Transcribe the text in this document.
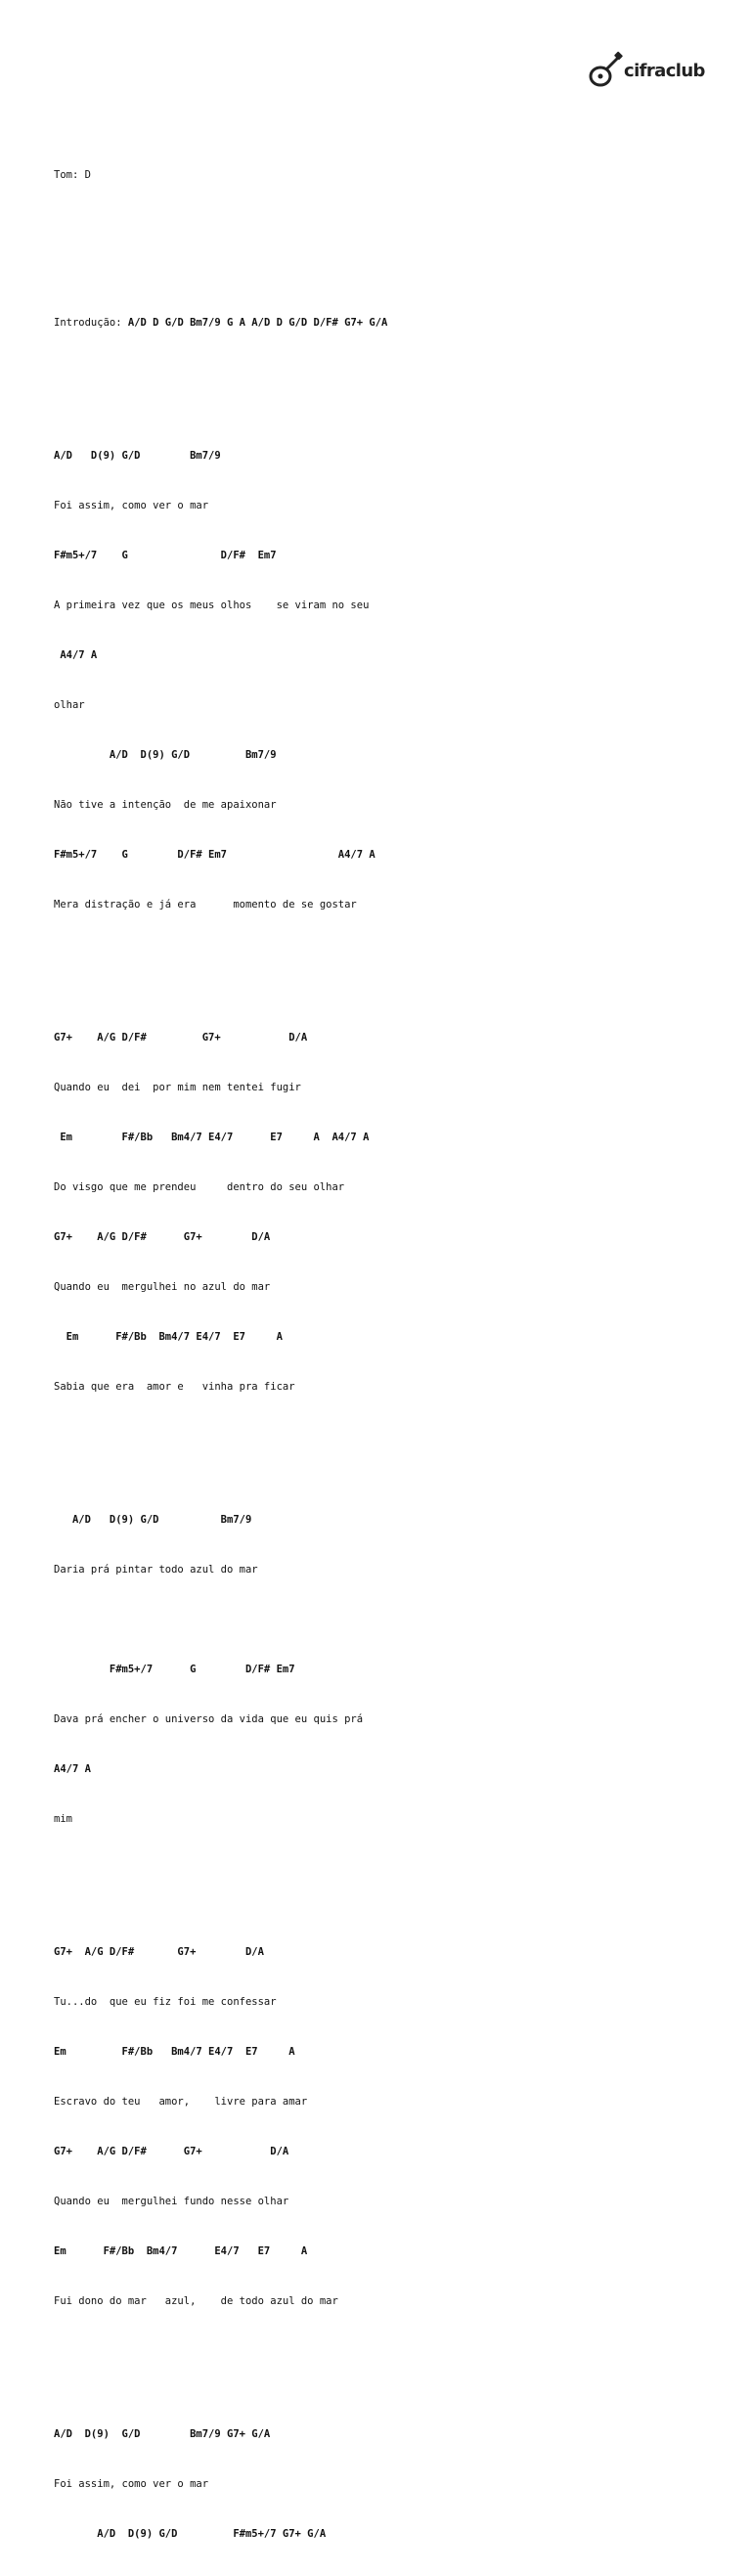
cifraclub

Tom: D

Introdução: A/D D G/D Bm7/9 G A A/D D G/D D/F# G7+ G/A

A/D   D(9) G/D        Bm7/9

Foi assim, como ver o mar

F#m5+/7    G               D/F#  Em7

A primeira vez que os meus olhos    se viram no seu

A4/7 A

olhar

A/D  D(9) G/D         Bm7/9

Não tive a intenção  de me apaixonar

F#m5+/7    G        D/F# Em7                  A4/7 A

Mera distração e já era      momento de se gostar

G7+    A/G D/F#         G7+           D/A

Quando eu  dei  por mim nem tentei fugir

Em        F#/Bb   Bm4/7 E4/7      E7     A  A4/7 A

Do visgo que me prendeu     dentro do seu olhar

G7+    A/G D/F#      G7+        D/A

Quando eu  mergulhei no azul do mar

Em      F#/Bb  Bm4/7 E4/7  E7     A

Sabia que era  amor e   vinha pra ficar

A/D   D(9) G/D          Bm7/9

Daria prá pintar todo azul do mar

F#m5+/7      G        D/F# Em7

Dava prá encher o universo da vida que eu quis prá

A4/7 A

mim

G7+  A/G D/F#       G7+        D/A

Tu...do  que eu fiz foi me confessar

Em         F#/Bb   Bm4/7 E4/7  E7     A

Escravo do teu   amor,    livre para amar

G7+    A/G D/F#      G7+           D/A

Quando eu  mergulhei fundo nesse olhar

Em      F#/Bb  Bm4/7      E4/7   E7     A

Fui dono do mar   azul,    de todo azul do mar

A/D  D(9)  G/D        Bm7/9 G7+ G/A

Foi assim, como ver o mar

A/D  D(9) G/D         F#m5+/7 G7+ G/A
